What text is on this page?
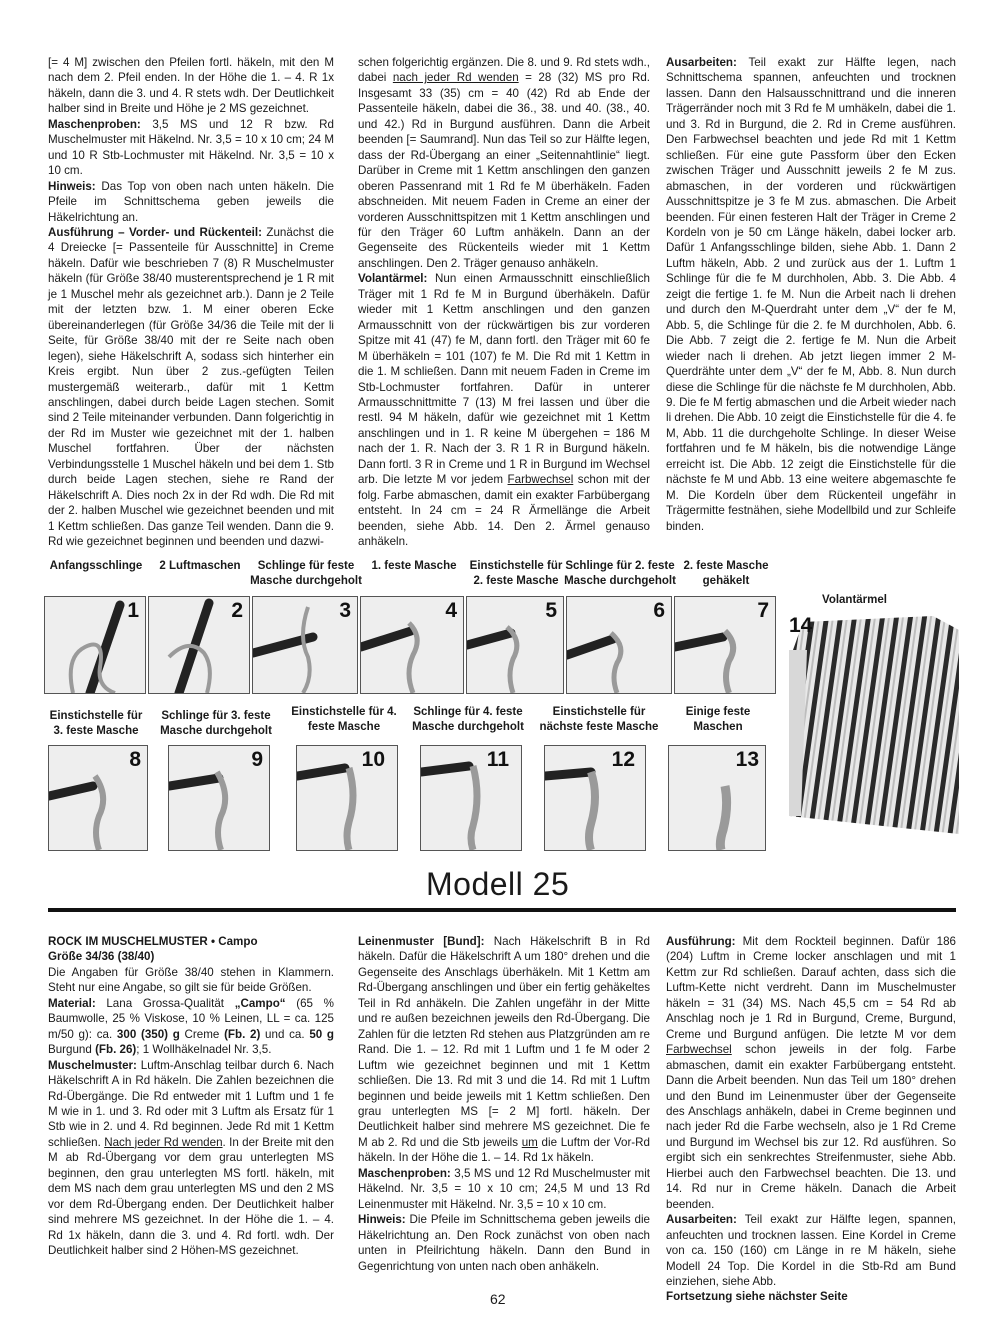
[= 4 M] zwischen den Pfeilen fortl. häkeln, mit den M nach dem 2. Pfeil enden. In der Höhe die 1. – 4. R 1x häkeln, dann die 3. und 4. R stets wdh. Der Deutlichkeit halber sind in Breite und Höhe je 2 MS gezeichnet.

Maschenproben: 3,5 MS und 12 R bzw. Rd Muschelmuster mit Häkelnd. Nr. 3,5 = 10 x 10 cm; 24 M und 10 R Stb-Lochmuster mit Häkelnd. Nr. 3,5 = 10 x 10 cm.

Hinweis: Das Top von oben nach unten häkeln. Die Pfeile im Schnittschema geben jeweils die Häkelrichtung an.

Ausführung – Vorder- und Rückenteil: Zunächst die 4 Dreiecke [= Passenteile für Ausschnitte] in Creme häkeln. Dafür wie beschrieben 7 (8) R Muschelmuster häkeln (für Größe 38/40 musterentsprechend je 1 R mit je 1 Muschel mehr als gezeichnet arb.). Dann je 2 Teile mit der letzten bzw. 1. M einer oberen Ecke übereinanderlegen (für Größe 34/36 die Teile mit der li Seite, für Größe 38/40 mit der re Seite nach oben legen), siehe Häkelschrift A, sodass sich hinterher ein Kreis ergibt. Nun über 2 zus.-gefügten Teilen mustergemäß weiterarb., dafür mit 1 Kettm anschlingen, dabei durch beide Lagen stechen. Somit sind 2 Teile miteinander verbunden. Dann folgerichtig in der Rd im Muster wie gezeichnet mit der 1. halben Muschel fortfahren. Über der nächsten Verbindungsstelle 1 Muschel häkeln und bei dem 1. Stb durch beide Lagen stechen, siehe re Rand der Häkelschrift A. Dies noch 2x in der Rd wdh. Die Rd mit der 2. halben Muschel wie gezeichnet beenden und mit 1 Kettm schließen. Das ganze Teil wenden. Dann die 9. Rd wie gezeichnet beginnen und beenden und dazwi-

schen folgerichtig ergänzen. Die 8. und 9. Rd stets wdh., dabei nach jeder Rd wenden = 28 (32) MS pro Rd. Insgesamt 33 (35) cm = 40 (42) Rd ab Ende der Passenteile häkeln, dabei die 36., 38. und 40. (38., 40. und 42.) Rd in Burgund ausführen. Dann die Arbeit beenden [= Saumrand]. Nun das Teil so zur Hälfte legen, dass der Rd-Übergang an einer „Seitennahtlinie“ liegt. Darüber in Creme mit 1 Kettm anschlingen den ganzen oberen Passenrand mit 1 Rd fe M überhäkeln. Faden abschneiden. Mit neuem Faden in Creme an einer der vorderen Ausschnittspitzen mit 1 Kettm anschlingen und für den Träger 60 Luftm anhäkeln. Dann an der Gegenseite des Rückenteils wieder mit 1 Kettm anschlingen. Den 2. Träger genauso anhäkeln.

Volantärmel: Nun einen Armausschnitt einschließlich Träger mit 1 Rd fe M in Burgund überhäkeln. Dafür wieder mit 1 Kettm anschlingen und den ganzen Armausschnitt von der rückwärtigen bis zur vorderen Spitze mit 41 (47) fe M, dann fortl. den Träger mit 60 fe M überhäkeln = 101 (107) fe M. Die Rd mit 1 Kettm in die 1. M schließen. Dann mit neuem Faden in Creme im Stb-Lochmuster fortfahren. Dafür in unterer Armausschnittmitte 7 (13) M frei lassen und über die restl. 94 M häkeln, dafür wie gezeichnet mit 1 Kettm anschlingen und in 1. R keine M übergehen = 186 M nach der 1. R. Nach der 3. R 1 R in Burgund häkeln. Dann fortl. 3 R in Creme und 1 R in Burgund im Wechsel arb. Die letzte M vor jedem Farbwechsel schon mit der folg. Farbe abmaschen, damit ein exakter Farbübergang entsteht. In 24 cm = 24 R Ärmellänge die Arbeit beenden, siehe Abb. 14. Den 2. Ärmel genauso anhäkeln.

Ausarbeiten: Teil exakt zur Hälfte legen, nach Schnittschema spannen, anfeuchten und trocknen lassen. Dann den Halsausschnittrand und die inneren Trägerränder noch mit 3 Rd fe M umhäkeln, dabei die 1. und 3. Rd in Burgund, die 2. Rd in Creme ausführen. Den Farbwechsel beachten und jede Rd mit 1 Kettm schließen. Für eine gute Passform über den Ecken zwischen Träger und Ausschnitt jeweils 2 fe M zus. abmaschen, in der vorderen und rückwärtigen Ausschnittspitze je 3 fe M zus. abmaschen. Die Arbeit beenden. Für einen festeren Halt der Träger in Creme 2 Kordeln von je 50 cm Länge häkeln, dabei locker arb. Dafür 1 Anfangsschlinge bilden, siehe Abb. 1. Dann 2 Luftm häkeln, Abb. 2 und zurück aus der 1. Luftm 1 Schlinge für die fe M durchholen, Abb. 3. Die Abb. 4 zeigt die fertige 1. fe M. Nun die Arbeit nach li drehen und durch den M-Querdraht unter dem „V“ der fe M, Abb. 5, die Schlinge für die 2. fe M durchholen, Abb. 6. Die Abb. 7 zeigt die 2. fertige fe M. Nun die Arbeit wieder nach li drehen. Ab jetzt liegen immer 2 M-Querdrähte unter dem „V“ der fe M, Abb. 8. Nun durch diese die Schlinge für die nächste fe M durchholen, Abb. 9. Die fe M fertig abmaschen und die Arbeit wieder nach li drehen. Die Abb. 10 zeigt die Einstichstelle für die 4. fe M, Abb. 11 die durchgeholte Schlinge. In dieser Weise fortfahren und fe M häkeln, bis die notwendige Länge erreicht ist. Die Abb. 12 zeigt die Einstichstelle für die nächste fe M und Abb. 13 eine weitere abgemaschte fe M. Die Kordeln über dem Rückenteil ungefähr in Trägermitte festnähen, siehe Modellbild und zur Schleife binden.

Anfangsschlinge	2 Luftmaschen	Schlinge für feste Masche durchgeholt
1. feste Masche	Einstichstelle für 2. feste Masche
Schlinge für 2. feste Masche durchgeholt
2. feste Masche gehäkelt
1	2	3	4	5	6	7
Einstichstelle für 3. feste Masche
Schlinge für 3. feste Masche durchgeholt
Einstichstelle für 4. feste Masche
Schlinge für 4. feste Masche durchgeholt
Einstichstelle für nächste feste Masche
Einige feste Maschen
8	9	10	11	12	13
Volantärmel
14
Modell 25

ROCK IM MUSCHELMUSTER • Campo

Größe 34/36 (38/40)

Die Angaben für Größe 38/40 stehen in Klammern. Steht nur eine Angabe, so gilt sie für beide Größen.

Material: Lana Grossa-Qualität „Campo“ (65 % Baumwolle, 25 % Viskose, 10 % Leinen, LL = ca. 125 m/50 g): ca. 300 (350) g Creme (Fb. 2) und ca. 50 g Burgund (Fb. 26); 1 Wollhäkelnadel Nr. 3,5.

Muschelmuster: Luftm-Anschlag teilbar durch 6. Nach Häkelschrift A in Rd häkeln. Die Zahlen bezeichnen die Rd-Übergänge. Die Rd entweder mit 1 Luftm und 1 fe M wie in 1. und 3. Rd oder mit 3 Luftm als Ersatz für 1 Stb wie in 2. und 4. Rd beginnen. Jede Rd mit 1 Kettm schließen. Nach jeder Rd wenden. In der Breite mit den M ab Rd-Übergang vor dem grau unterlegten MS beginnen, den grau unterlegten MS fortl. häkeln, mit dem MS nach dem grau unterlegten MS und den 2 MS vor dem Rd-Übergang enden. Der Deutlichkeit halber sind mehrere MS gezeichnet. In der Höhe die 1. – 4. Rd 1x häkeln, dann die 3. und 4. Rd fortl. wdh. Der Deutlichkeit halber sind 2 Höhen-MS gezeichnet.

Leinenmuster [Bund]: Nach Häkelschrift B in Rd häkeln. Dafür die Häkelschrift A um 180° drehen und die Gegenseite des Anschlags überhäkeln. Mit 1 Kettm am Rd-Übergang anschlingen und über ein fertig gehäkeltes Teil in Rd anhäkeln. Die Zahlen ungefähr in der Mitte und re außen bezeichnen jeweils den Rd-Übergang. Die Zahlen für die letzten Rd stehen aus Platzgründen am re Rand. Die 1. – 12. Rd mit 1 Luftm und 1 fe M oder 2 Luftm wie gezeichnet beginnen und mit 1 Kettm schließen. Die 13. Rd mit 3 und die 14. Rd mit 1 Luftm beginnen und beide jeweils mit 1 Kettm schließen. Den grau unterlegten MS [= 2 M] fortl. häkeln. Der Deutlichkeit halber sind mehrere MS gezeichnet. Die fe M ab 2. Rd und die Stb jeweils um die Luftm der Vor-Rd häkeln. In der Höhe die 1. – 14. Rd 1x häkeln.

Maschenproben: 3,5 MS und 12 Rd Muschelmuster mit Häkelnd. Nr. 3,5 = 10 x 10 cm; 24,5 M und 13 Rd Leinenmuster mit Häkelnd. Nr. 3,5 = 10 x 10 cm.

Hinweis: Die Pfeile im Schnittschema geben jeweils die Häkelrichtung an. Den Rock zunächst von oben nach unten in Pfeilrichtung häkeln. Dann den Bund in Gegenrichtung von unten nach oben anhäkeln.

Ausführung: Mit dem Rockteil beginnen. Dafür 186 (204) Luftm in Creme locker anschlagen und mit 1 Kettm zur Rd schließen. Darauf achten, dass sich die Luftm-Kette nicht verdreht. Dann im Muschelmuster häkeln = 31 (34) MS. Nach 45,5 cm = 54 Rd ab Anschlag noch je 1 Rd in Burgund, Creme, Burgund, Creme und Burgund anfügen. Die letzte M vor dem Farbwechsel schon jeweils in der folg. Farbe abmaschen, damit ein exakter Farbübergang entsteht. Dann die Arbeit beenden. Nun das Teil um 180° drehen und den Bund im Leinenmuster über der Gegenseite des Anschlags anhäkeln, dabei in Creme beginnen und nach jeder Rd die Farbe wechseln, also je 1 Rd Creme und Burgund im Wechsel bis zur 12. Rd ausführen. So ergibt sich ein senkrechtes Streifenmuster, siehe Abb. Hierbei auch den Farbwechsel beachten. Die 13. und 14. Rd nur in Creme häkeln. Danach die Arbeit beenden.

Ausarbeiten: Teil exakt zur Hälfte legen, spannen, anfeuchten und trocknen lassen. Eine Kordel in Creme von ca. 150 (160) cm Länge in re M häkeln, siehe Modell 24 Top. Die Kordel in die Stb-Rd am Bund einziehen, siehe Abb.

Fortsetzung siehe nächster Seite

62
